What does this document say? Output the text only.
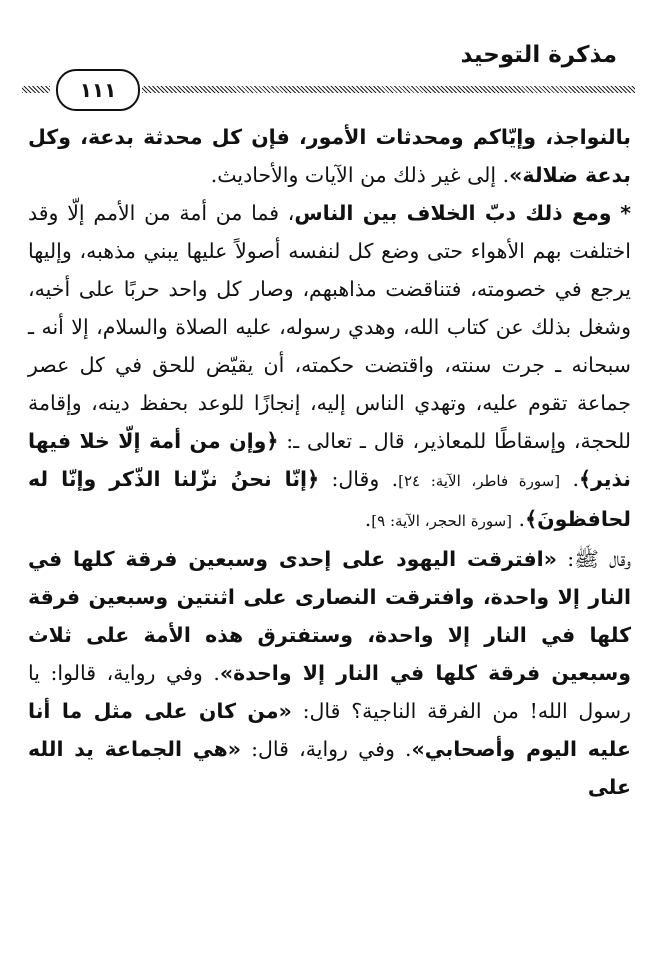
مذكرة التوحيد
١١١

بالنواجذ، وإيّاكم ومحدثات الأمور، فإن كل محدثة بدعة، وكل بدعة ضلالة». إلى غير ذلك من الآيات والأحاديث.

* ومع ذلك دبّ الخلاف بين الناس، فما من أمة من الأمم إلّا وقد اختلفت بهم الأهواء حتى وضع كل لنفسه أصولاً عليها يبني مذهبه، وإليها يرجع في خصومته، فتناقضت مذاهبهم، وصار كل واحد حربًا على أخيه، وشغل بذلك عن كتاب الله، وهدي رسوله، عليه الصلاة والسلام، إلا أنه ـ سبحانه ـ جرت سنته، واقتضت حكمته، أن يقيّض للحق في كل عصر جماعة تقوم عليه، وتهدي الناس إليه، إنجازًا للوعد بحفظ دينه، وإقامة للحجة، وإسقاطًا للمعاذير، قال ـ تعالى ـ: ﴿وإن من أمة إلّا خلا فيها نذير﴾. [سورة فاطر، الآية: ٢٤]. وقال: ﴿إنّا نحنُ نزّلنا الذّكر وإنّا له لحافظونَ﴾. [سورة الحجر، الآية: ٩].

وقال ﷺ: «افترقت اليهود على إحدى وسبعين فرقة كلها في النار إلا واحدة، وافترقت النصارى على اثنتين وسبعين فرقة كلها في النار إلا واحدة، وستفترق هذه الأمة على ثلاث وسبعين فرقة كلها في النار إلا واحدة». وفي رواية، قالوا: يا رسول الله! من الفرقة الناجية؟ قال: «من كان على مثل ما أنا عليه اليوم وأصحابي». وفي رواية، قال: «هي الجماعة يد الله على
